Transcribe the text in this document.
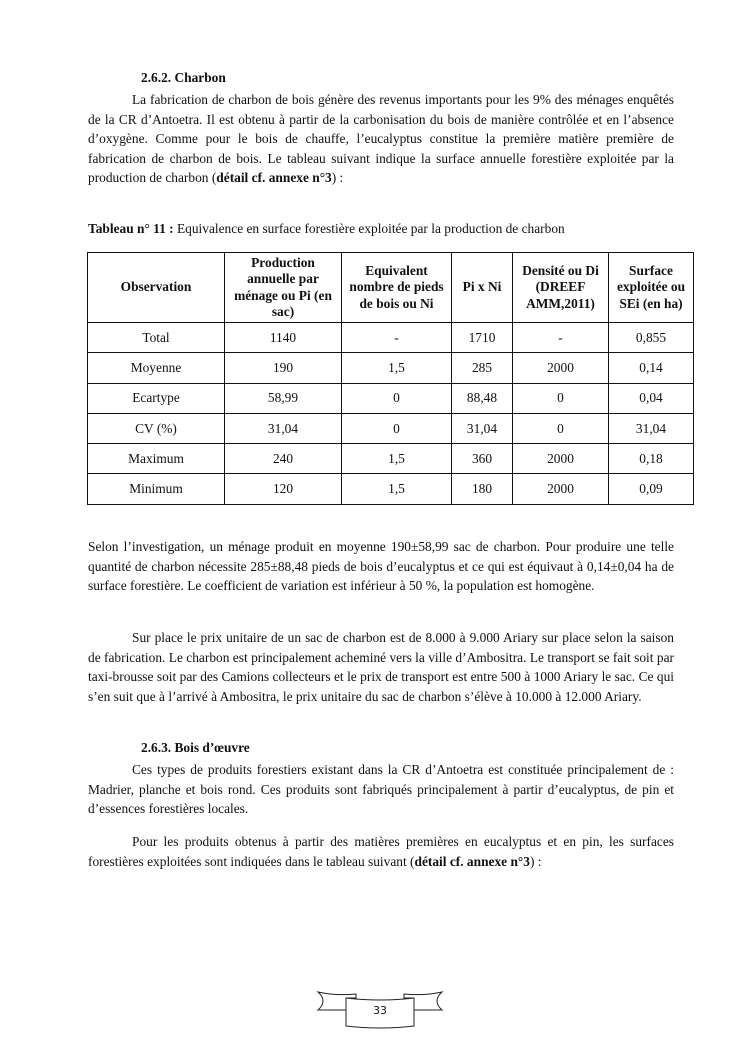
2.6.2. Charbon

La fabrication de charbon de bois génère des revenus importants pour les 9% des ménages enquêtés de la CR d’Antoetra. Il est obtenu à partir de la carbonisation du bois de manière contrôlée et en l’absence d’oxygène. Comme pour le bois de chauffe, l’eucalyptus constitue la première matière première de fabrication de charbon de bois. Le tableau suivant indique la surface annuelle forestière exploitée par la production de charbon (détail cf. annexe n°3) :

Tableau n° 11 : Equivalence en surface forestière exploitée par la production de charbon

Observation	Production annuelle par ménage ou Pi (en sac)	Equivalent nombre de pieds de bois ou Ni	Pi x Ni	Densité ou Di (DREEF AMM,2011)	Surface exploitée ou SEi (en ha)
Total	1140	-	1710	-	0,855
Moyenne	190	1,5	285	2000	0,14
Ecartype	58,99	0	88,48	0	0,04
CV (%)	31,04	0	31,04	0	31,04
Maximum	240	1,5	360	2000	0,18
Minimum	120	1,5	180	2000	0,09

Selon l’investigation, un ménage produit en moyenne 190±58,99 sac de charbon. Pour produire une telle quantité de charbon nécessite 285±88,48 pieds de bois d’eucalyptus et ce qui est équivaut à 0,14±0,04 ha de surface forestière. Le coefficient de variation est inférieur à 50 %, la population est homogène.

Sur place le prix unitaire de un sac de charbon est de 8.000 à 9.000 Ariary sur place selon la saison de fabrication. Le charbon est principalement acheminé vers la ville d’Ambositra. Le transport se fait soit par taxi-brousse soit par des Camions collecteurs et le prix de transport est entre 500 à 1000 Ariary le sac. Ce qui s’en suit que à l’arrivé à Ambositra, le prix unitaire du sac de charbon s’élève à 10.000 à 12.000 Ariary.

2.6.3. Bois d’œuvre

Ces types de produits forestiers existant dans la CR d’Antoetra est constituée principalement de : Madrier, planche et bois rond. Ces produits sont fabriqués principalement à partir d’eucalyptus, de pin et d’essences forestières locales.

Pour les produits obtenus à partir des matières premières en eucalyptus et en pin, les surfaces forestières exploitées sont indiquées dans le tableau suivant (détail cf. annexe n°3) :

33
